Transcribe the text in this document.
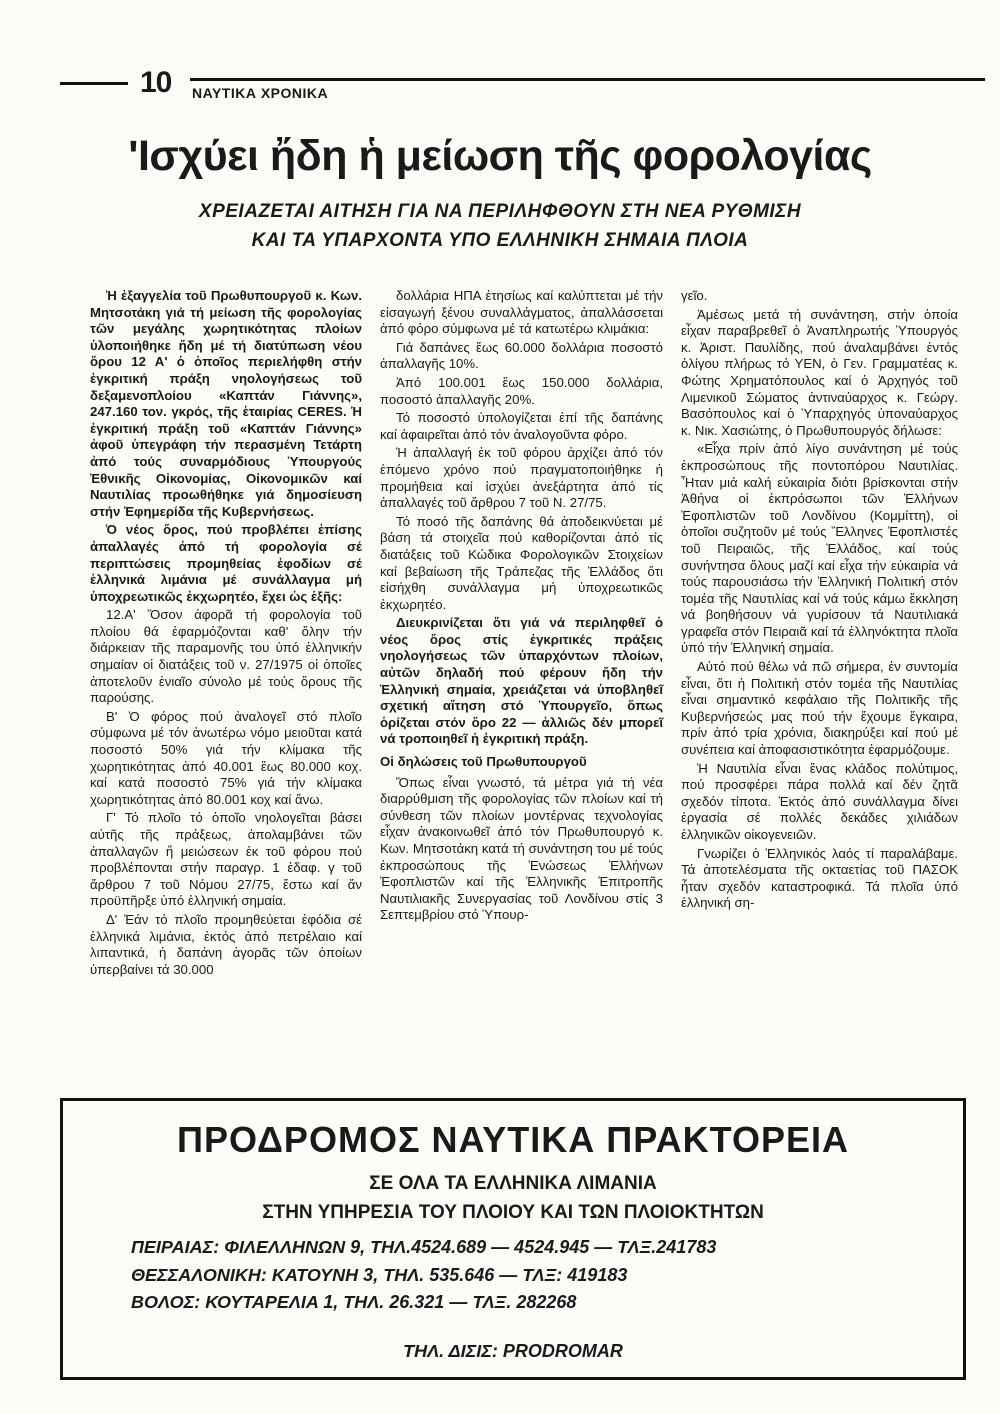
10 ΝΑΥΤΙΚΑ ΧΡΟΝΙΚΑ
'Ισχύει ἤδη ἡ μείωση τῆς φορολογίας
ΧΡΕΙΑΖΕΤΑΙ ΑΙΤΗΣΗ ΓΙΑ ΝΑ ΠΕΡΙΛΗΦΘΟΥΝ ΣΤΗ ΝΕΑ ΡΥΘΜΙΣΗ
ΚΑΙ ΤΑ ΥΠΑΡΧΟΝΤΑ ΥΠΟ ΕΛΛΗΝΙΚΗ ΣΗΜΑΙΑ ΠΛΟΙΑ

Ἡ ἐξαγγελία τοῦ Πρωθυπουργοῦ κ. Κων. Μητσοτάκη γιά τή μείωση τῆς φορολογίας τῶν μεγάλης χωρητικότητας πλοίων ὑλοποιήθηκε ἤδη μέ τή διατύπωση νέου ὅρου 12 Α' ὁ ὁποῖος περιελήφθη στήν ἐγκριτική πράξη νηολογήσεως τοῦ δεξαμενοπλοίου «Καπτάν Γιάννης», 247.160 τον. γκρός, τῆς ἑταιρίας CERES. Ἡ ἐγκριτική πράξη τοῦ «Καπτάν Γιάννης» ἀφοῦ ὑπεγράφη τήν περασμένη Τετάρτη ἀπό τούς συναρμόδιους Ὑπουργούς Ἐθνικῆς Οἰκονομίας, Οἰκονομικῶν καί Ναυτιλίας προωθήθηκε γιά δημοσίευση στήν Ἐφημερίδα τῆς Κυβερνήσεως.

Ὁ νέος ὅρος, πού προβλέπει ἐπίσης ἀπαλλαγές ἀπό τή φορολογία σέ περιπτώσεις προμηθείας ἐφοδίων σέ ἑλληνικά λιμάνια μέ συνάλλαγμα μή ὑποχρεωτικῶς ἐκχωρητέο, ἔχει ὡς ἑξῆς:

12.Α' Ὅσον ἀφορᾶ τή φορολογία τοῦ πλοίου θά ἐφαρμόζονται καθ' ὅλην τήν διάρκειαν τῆς παραμονῆς του ὑπό ἑλληνικήν σημαίαν οἱ διατάξεις τοῦ ν. 27/1975 οἱ ὁποῖες ἀποτελοῦν ἑνιαῖο σύνολο μέ τούς ὅρους τῆς παρούσης.

Β' Ὁ φόρος πού ἀναλογεῖ στό πλοῖο σύμφωνα μέ τόν ἀνωτέρω νόμο μειοῦται κατά ποσοστό 50% γιά τήν κλίμακα τῆς χωρητικότητας ἀπό 40.001 ἕως 80.000 κοχ. καί κατά ποσοστό 75% γιά τήν κλίμακα χωρητικότητας ἀπό 80.001 κοχ καί ἄνω.

Γ' Τό πλοῖο τό ὁποῖο νηολογεῖται βάσει αὐτῆς τῆς πράξεως, ἀπολαμβάνει τῶν ἀπαλλαγῶν ἤ μειώσεων ἐκ τοῦ φόρου πού προβλέπονται στήν παραγρ. 1 ἐδαφ. γ τοῦ ἄρθρου 7 τοῦ Νόμου 27/75, ἔστω καί ἄν προϋπῆρξε ὑπό ἑλληνική σημαία.

Δ' Ἐάν τό πλοῖο προμηθεύεται ἐφόδια σέ ἑλληνικά λιμάνια, ἐκτός ἀπό πετρέλαιο καί λιπαντικά, ἡ δαπάνη ἀγορᾶς τῶν ὁποίων ὑπερβαίνει τά 30.000

δολλάρια ΗΠΑ ἐτησίως καί καλύπτεται μέ τήν εἰσαγωγή ξένου συναλλάγματος, ἀπαλλάσσεται ἀπό φόρο σύμφωνα μέ τά κατωτέρω κλιμάκια:

Γιά δαπάνες ἕως 60.000 δολλάρια ποσοστό ἀπαλλαγῆς 10%.

Ἀπό 100.001 ἕως 150.000 δολλάρια, ποσοστό ἀπαλλαγῆς 20%.

Τό ποσοστό ὑπολογίζεται ἐπί τῆς δαπάνης καί ἀφαιρεῖται ἀπό τόν ἀναλογοῦντα φόρο.

Ἡ ἀπαλλαγή ἐκ τοῦ φόρου ἀρχίζει ἀπό τόν ἑπόμενο χρόνο πού πραγματοποιήθηκε ἡ προμήθεια καί ἰσχύει ἀνεξάρτητα ἀπό τίς ἀπαλλαγές τοῦ ἄρθρου 7 τοῦ Ν. 27/75.

Τό ποσό τῆς δαπάνης θά ἀποδεικνύεται μέ βάση τά στοιχεῖα πού καθορίζονται ἀπό τίς διατάξεις τοῦ Κώδικα Φορολογικῶν Στοιχείων καί βεβαίωση τῆς Τράπεζας τῆς Ἑλλάδος ὅτι εἰσήχθη συνάλλαγμα μή ὑποχρεωτικῶς ἐκχωρητέο.

Διευκρινίζεται ὅτι γιά νά περιληφθεῖ ὁ νέος ὅρος στίς ἐγκριτικές πράξεις νηολογήσεως τῶν ὑπαρχόντων πλοίων, αὐτῶν δηλαδή πού φέρουν ἤδη τήν Ἑλληνική σημαία, χρειάζεται νά ὑποβληθεῖ σχετική αἴτηση στό Ὑπουργεῖο, ὅπως ὁρίζεται στόν ὅρο 22 — ἀλλιῶς δέν μπορεῖ νά τροποιηθεῖ ἡ ἐγκριτική πράξη.

Οἱ δηλώσεις τοῦ Πρωθυπουργοῦ

Ὅπως εἶναι γνωστό, τά μέτρα γιά τή νέα διαρρύθμιση τῆς φορολογίας τῶν πλοίων καί τή σύνθεση τῶν πλοίων μοντέρνας τεχνολογίας εἶχαν ἀνακοινωθεῖ ἀπό τόν Πρωθυπουργό κ. Κων. Μητσοτάκη κατά τή συνάντηση του μέ τούς ἐκπροσώπους τῆς Ἑνώσεως Ἑλλήνων Ἐφοπλιστῶν καί τῆς Ἑλληνικῆς Ἐπιτροπῆς Ναυτιλιακῆς Συνεργασίας τοῦ Λονδίνου στίς 3 Σεπτεμβρίου στό Ὑπουρ-

γεῖο.

Ἀμέσως μετά τή συνάντηση, στήν ὁποία εἶχαν παραβρεθεῖ ὁ Ἀναπληρωτής Ὑπουργός κ. Ἀριστ. Παυλίδης, πού ἀναλαμβάνει ἐντός ὀλίγου πλήρως τό ΥΕΝ, ὁ Γεν. Γραμματέας κ. Φώτης Χρηματόπουλος καί ὁ Ἀρχηγός τοῦ Λιμενικοῦ Σώματος ἀντιναύαρχος κ. Γεώργ. Βασόπουλος καί ὁ Ὑπαρχηγός ὑποναύαρχος κ. Νικ. Χασιώτης, ὁ Πρωθυπουργός δήλωσε:

«Εἶχα πρίν ἀπό λίγο συνάντηση μέ τούς ἐκπροσώπους τῆς ποντοπόρου Ναυτιλίας. Ἦταν μιά καλή εὐκαιρία διότι βρίσκονται στήν Ἀθήνα οἱ ἐκπρόσωποι τῶν Ἑλλήνων Ἐφοπλιστῶν τοῦ Λονδίνου (Κομμίττη), οἱ ὁποῖοι συζητοῦν μέ τούς Ἕλληνες Ἐφοπλιστές τοῦ Πειραιῶς, τῆς Ἑλλάδος, καί τούς συνήντησα ὅλους μαζί καί εἶχα τήν εὐκαιρία νά τούς παρουσιάσω τήν Ἑλληνική Πολιτική στόν τομέα τῆς Ναυτιλίας καί νά τούς κάμω ἔκκληση νά βοηθήσουν νά γυρίσουν τά Ναυτιλιακά γραφεῖα στόν Πειραιᾶ καί τά ἑλληνόκτητα πλοῖα ὑπό τήν Ἑλληνική σημαία.

Αὐτό πού θέλω νά πῶ σήμερα, ἐν συντομία εἶναι, ὅτι ἡ Πολιτική στόν τομέα τῆς Ναυτιλίας εἶναι σημαντικό κεφάλαιο τῆς Πολιτικῆς τῆς Κυβερνήσεώς μας πού τήν ἔχουμε ἔγκαιρα, πρίν ἀπό τρία χρόνια, διακηρύξει καί πού μέ συνέπεια καί ἀποφασιστικότητα ἐφαρμόζουμε.

Ἡ Ναυτιλία εἶναι ἕνας κλάδος πολύτιμος, πού προσφέρει πάρα πολλά καί δέν ζητᾶ σχεδόν τίποτα. Ἐκτός ἀπό συνάλλαγμα δίνει ἐργασία σέ πολλές δεκάδες χιλιάδων ἑλληνικῶν οἰκογενειῶν.

Γνωρίζει ὁ Ἑλληνικός λαός τί παραλάβαμε. Τά ἀποτελέσματα τῆς οκταετίας τοῦ ΠΑΣΟΚ ἦταν σχεδόν καταστροφικά. Τά πλοῖα ὑπό ἑλληνική ση-

ΠΡΟΔΡΟΜΟΣ ΝΑΥΤΙΚΑ ΠΡΑΚΤΟΡΕΙΑ
ΣΕ ΟΛΑ ΤΑ ΕΛΛΗΝΙΚΑ ΛΙΜΑΝΙΑ
ΣΤΗΝ ΥΠΗΡΕΣΙΑ ΤΟΥ ΠΛΟΙΟΥ ΚΑΙ ΤΩΝ ΠΛΟΙΟΚΤΗΤΩΝ
ΠΕΙΡΑΙΑΣ: ΦΙΛΕΛΛΗΝΩΝ 9, ΤΗΛ.4524.689 — 4524.945 — ΤΛΞ.241783
ΘΕΣΣΑΛΟΝΙΚΗ: ΚΑΤΟΥΝΗ 3, ΤΗΛ. 535.646 — ΤΛΞ: 419183
ΒΟΛΟΣ: ΚΟΥΤΑΡΕΛΙΑ 1, ΤΗΛ. 26.321 — ΤΛΞ. 282268
ΤΗΛ. ΔΙΣΙΣ: PRODROMAR
